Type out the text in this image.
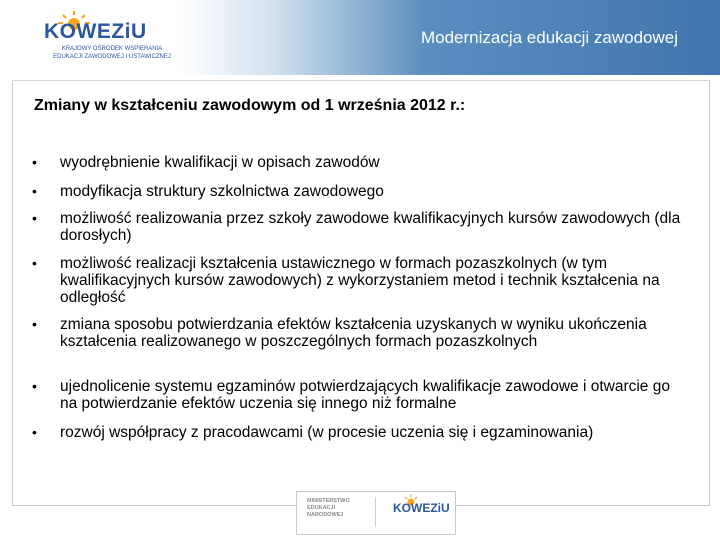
Modernizacja edukacji zawodowej
KOWEZiU
KRAJOWY OŚRODEK WSPIERANIA
EDUKACJI ZAWODOWEJ I USTAWICZNEJ
Zmiany w kształceniu zawodowym od 1 września 2012 r.:
• wyodrębnienie kwalifikacji w opisach zawodów
• modyfikacja struktury szkolnictwa zawodowego
• możliwość realizowania przez szkoły zawodowe kwalifikacyjnych kursów zawodowych (dla dorosłych)
• możliwość realizacji kształcenia ustawicznego w formach pozaszkolnych (w tym kwalifikacyjnych kursów zawodowych) z wykorzystaniem metod i technik kształcenia na odległość
• zmiana sposobu potwierdzania efektów kształcenia uzyskanych w wyniku ukończenia kształcenia realizowanego w poszczególnych formach pozaszkolnych
• ujednolicenie systemu egzaminów potwierdzających kwalifikacje zawodowe i otwarcie go na potwierdzanie efektów uczenia się innego niż formalne
• rozwój współpracy z pracodawcami (w procesie uczenia się i egzaminowania)
MINISTERSTWO
EDUKACJI
NARODOWEJ	KOWEZiU
